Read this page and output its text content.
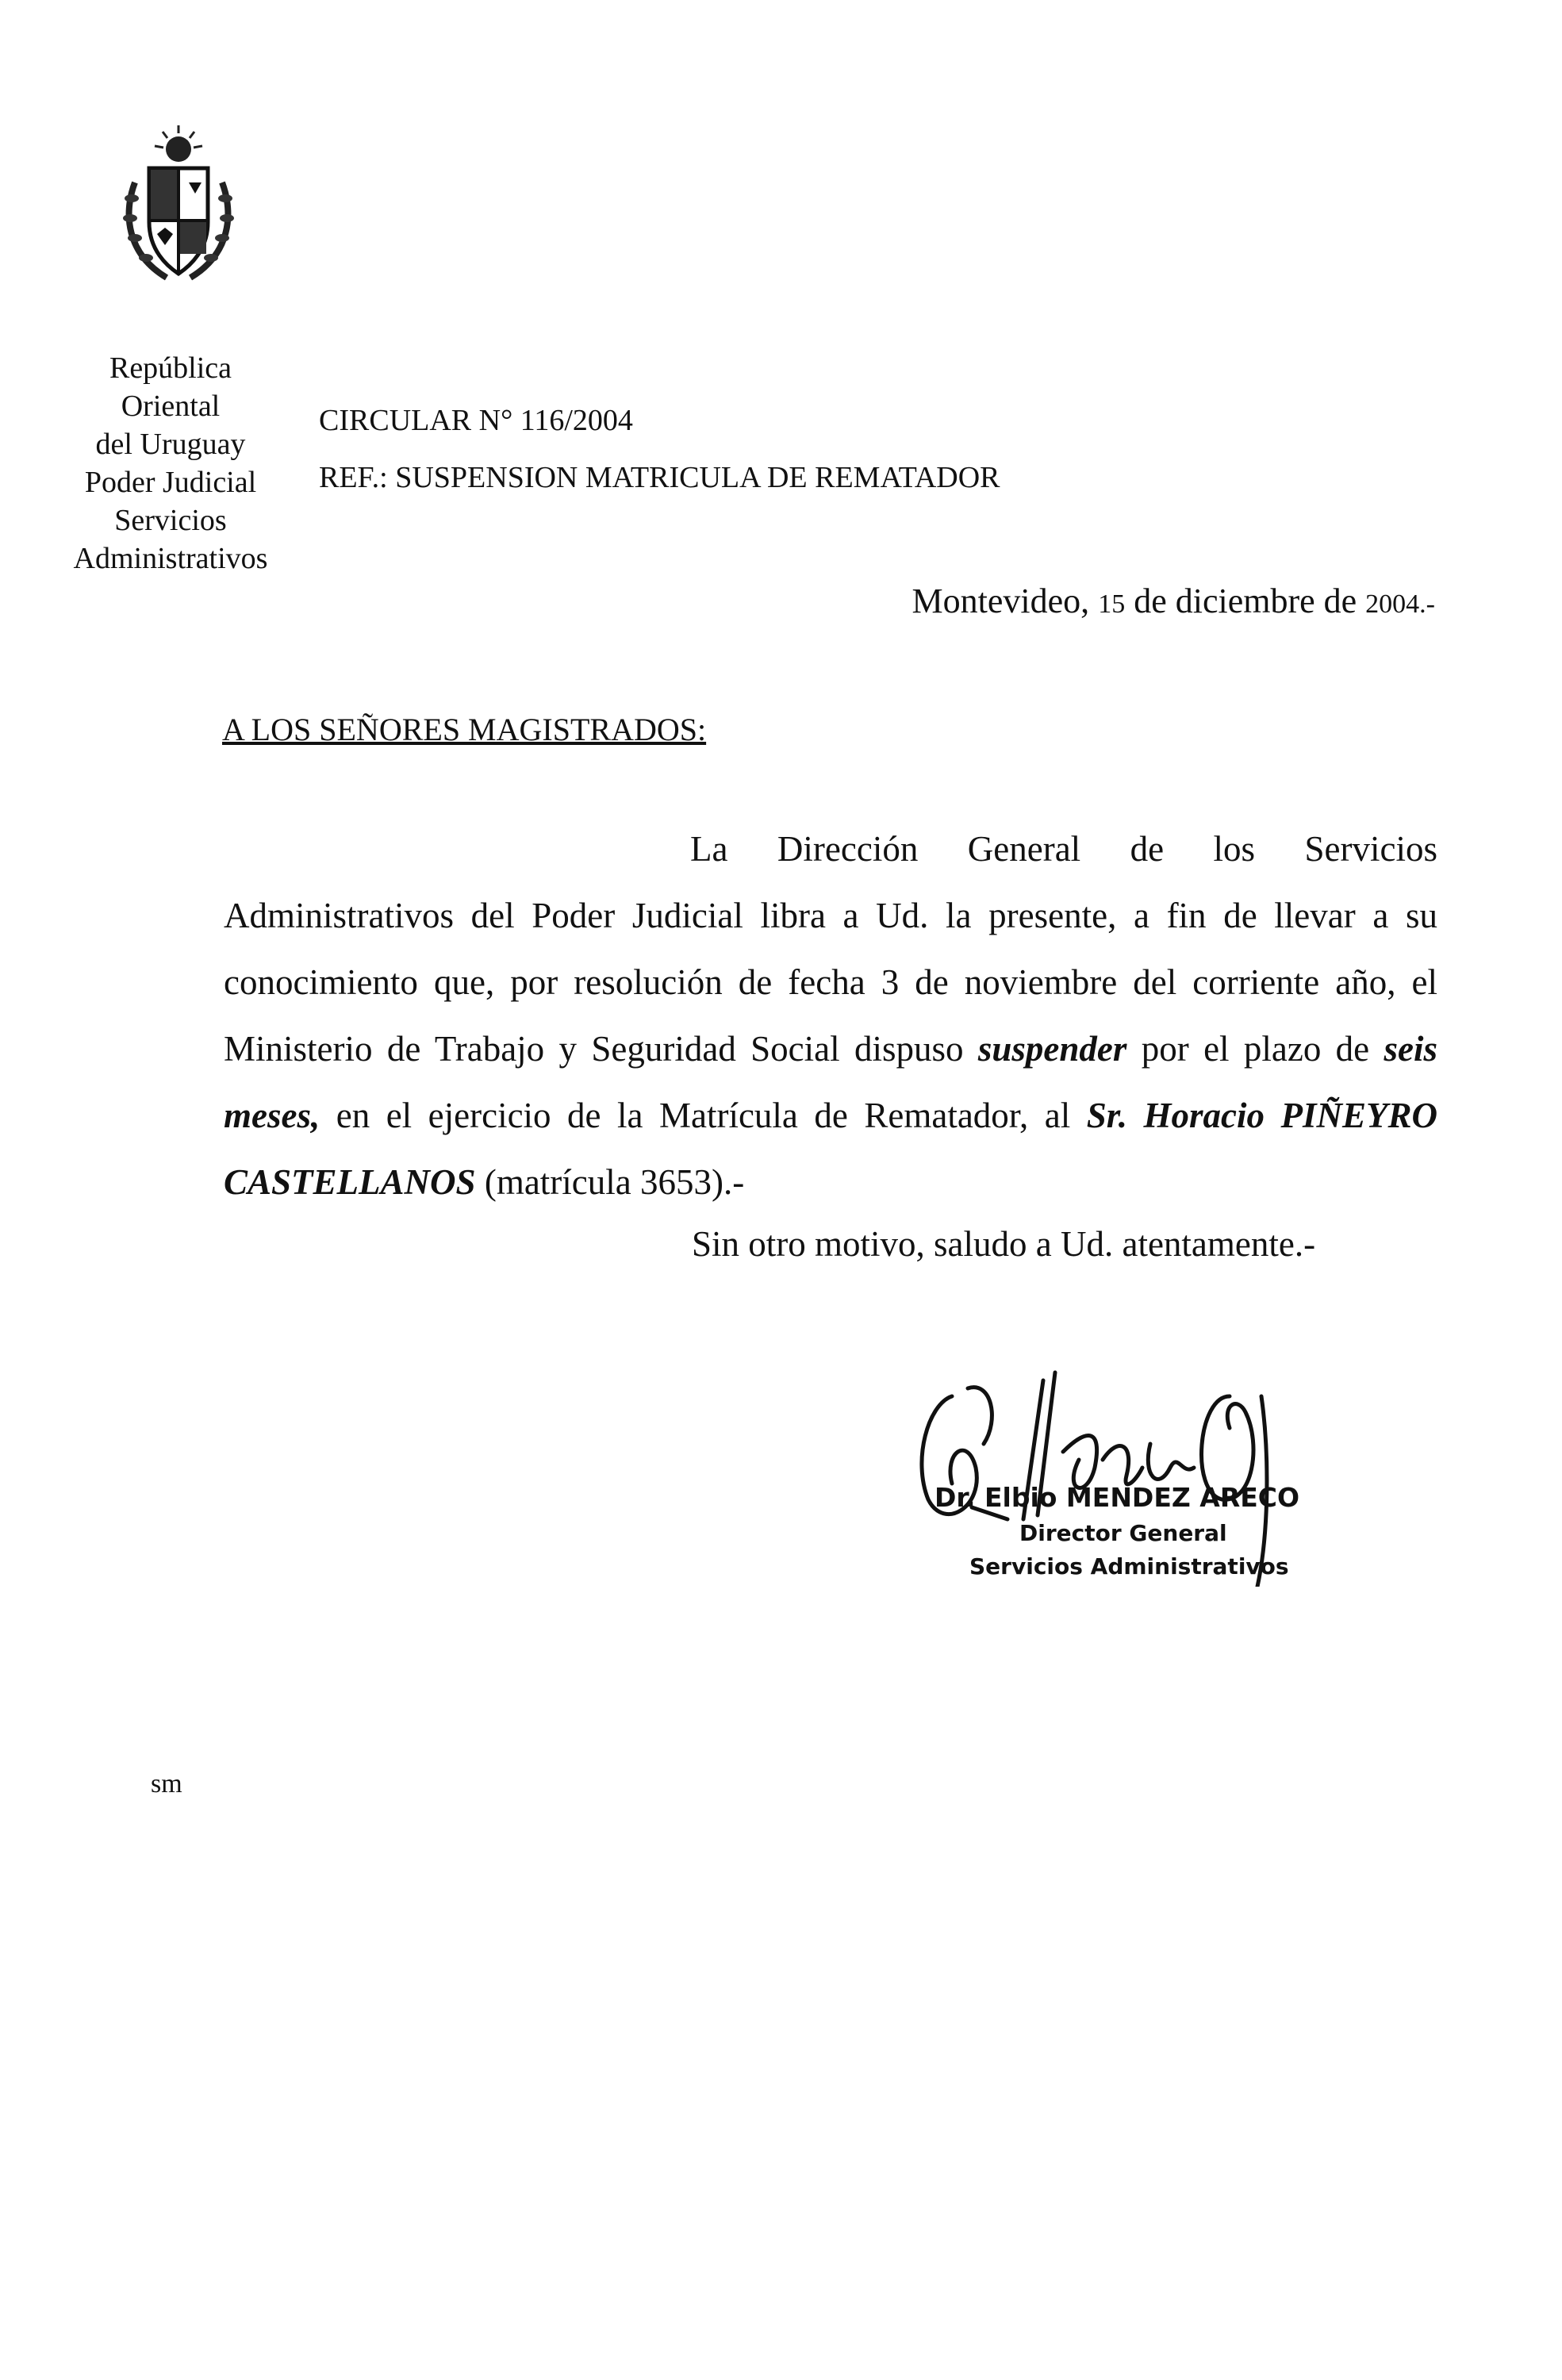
República
Oriental
del Uruguay
Poder Judicial
Servicios
Administrativos
CIRCULAR N° 116/2004
REF.: SUSPENSION MATRICULA DE REMATADOR
Montevideo, 15 de diciembre de 2004.-
A LOS SEÑORES MAGISTRADOS:
La Dirección General de los Servicios Administrativos del Poder Judicial libra a Ud. la presente, a fin de llevar a su conocimiento que, por resolución de fecha 3 de noviembre del corriente año, el Ministerio de Trabajo y Seguridad Social dispuso suspender por el plazo de seis meses, en el ejercicio de la Matrícula de Rematador, al Sr. Horacio PIÑEYRO CASTELLANOS (matrícula 3653).-
Sin otro motivo, saludo a Ud. atentamente.-
Dr. Elbio MENDEZ ARECO
Director General
Servicios Administrativos
sm
